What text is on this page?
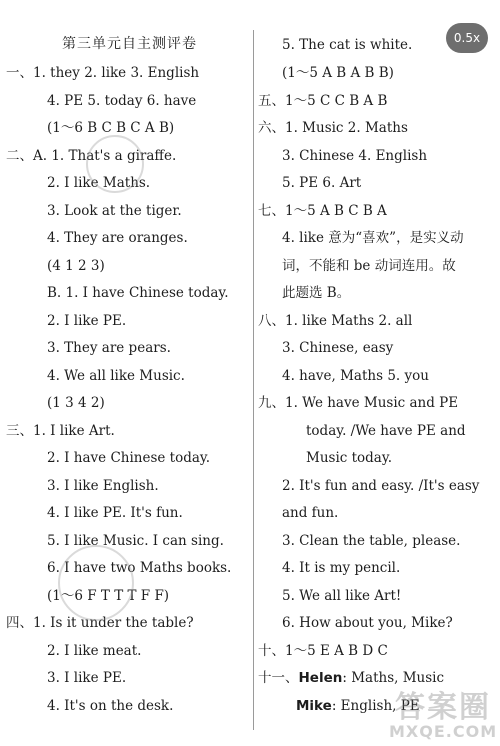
第三单元自主测评卷
一、1. they 2. like 3. English
4. PE 5. today 6. have
(1～6 B C B C A B)
二、A. 1. That's a giraffe.
2. I like Maths.
3. Look at the tiger.
4. They are oranges.
(4 1 2 3)
B. 1. I have Chinese today.
2. I like PE.
3. They are pears.
4. We all like Music.
(1 3 4 2)
三、1. I like Art.
2. I have Chinese today.
3. I like English.
4. I like PE. It's fun.
5. I like Music. I can sing.
6. I have two Maths books.
(1～6 F T T T F F)
四、1. Is it under the table?
2. I like meat.
3. I like PE.
4. It's on the desk.
5. The cat is white.
(1～5 A B A B B)
五、1～5 C C B A B
六、1. Music 2. Maths
3. Chinese 4. English
5. PE 6. Art
七、1～5 A B C B A
4. like 意为“喜欢”，是实义动
词，不能和 be 动词连用。故
此题选 B。
八、1. like Maths 2. all
3. Chinese, easy
4. have, Maths 5. you
九、1. We have Music and PE
today. /We have PE and
Music today.
2. It's fun and easy. /It's easy
and fun.
3. Clean the table, please.
4. It is my pencil.
5. We all like Art!
6. How about you, Mike?
十、1～5 E A B D C
十一、Helen: Maths, Music
Mike: English, PE
0.5x
答案圈
MXQE.COM
